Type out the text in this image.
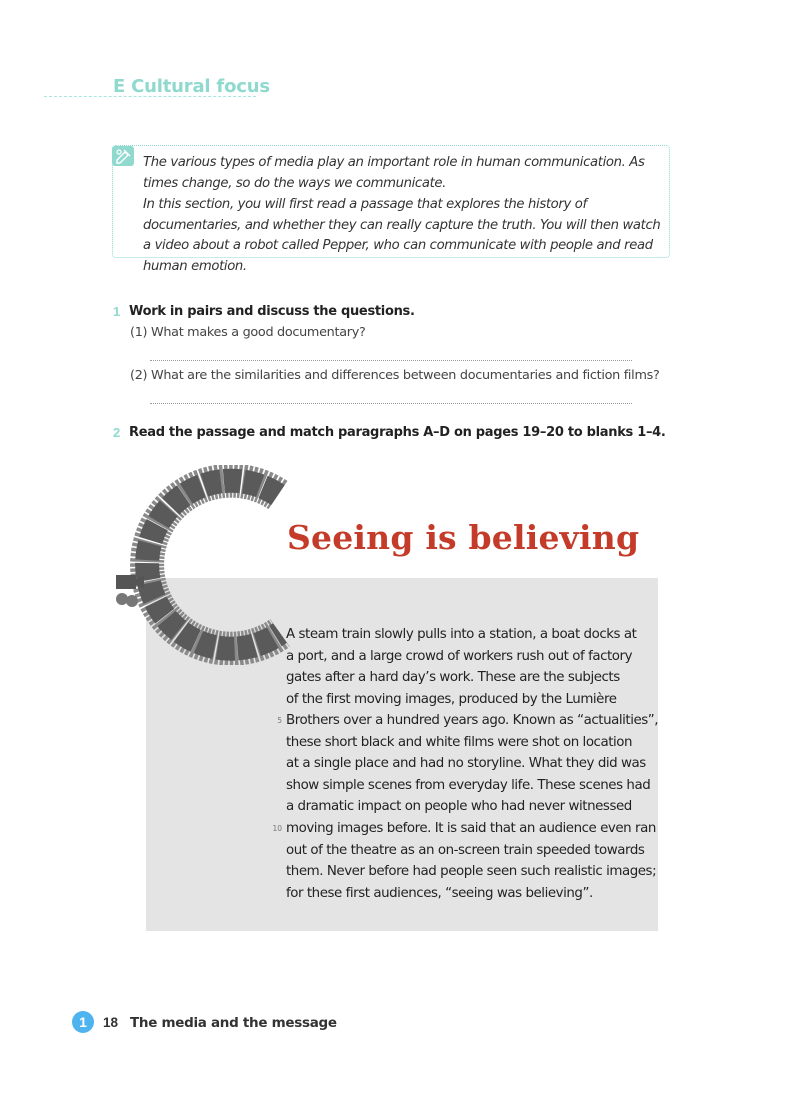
E Cultural focus

The various types of media play an important role in human communication. As times change, so do the ways we communicate.

In this section, you will first read a passage that explores the history of documentaries, and whether they can really capture the truth. You will then watch a video about a robot called Pepper, who can communicate with people and read human emotion.

1 Work in pairs and discuss the questions.
(1) What makes a good documentary?
(2) What are the similarities and differences between documentaries and fiction films?
2 Read the passage and match paragraphs A–D on pages 19–20 to blanks 1–4.
Seeing is believing

A steam train slowly pulls into a station, a boat docks at

a port, and a large crowd of workers rush out of factory

gates after a hard day’s work. These are the subjects

of the first moving images, produced by the Lumière

5 Brothers over a hundred years ago. Known as “actualities”,

these short black and white films were shot on location

at a single place and had no storyline. What they did was

show simple scenes from everyday life. These scenes had

a dramatic impact on people who had never witnessed

10 moving images before. It is said that an audience even ran

out of the theatre as an on-screen train speeded towards

them. Never before had people seen such realistic images;

for these first audiences, “seeing was believing”.

1	18 The media and the message
